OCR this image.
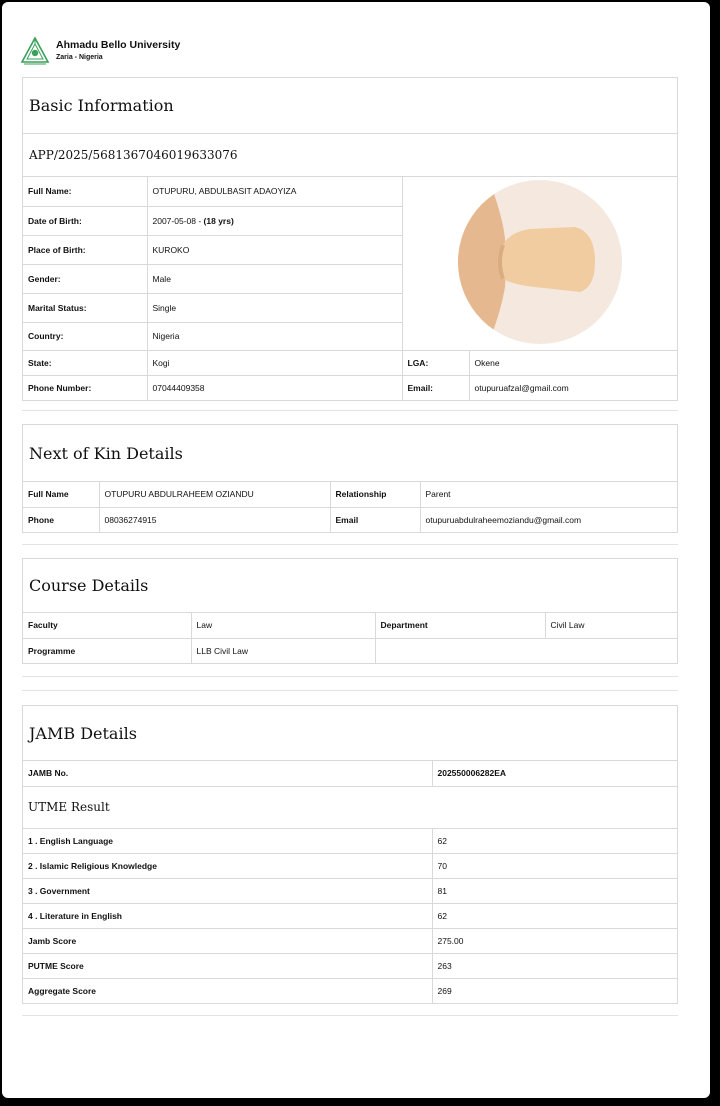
Ahmadu Bello University
Zaria - Nigeria
Basic Information
APP/2025/5681367046019633076
Full Name:	OTUPURU, ABDULBASIT ADAOYIZA	
Date of Birth:	2007-05-08 - (18 yrs)		
Place of Birth:	KUROKO		
Gender:	Male		
Marital Status:	Single		
Country:	Nigeria		
State:	Kogi	LGA:	Okene
Phone Number:	07044409358	Email:	otupuruafzal@gmail.com
Next of Kin Details
Full Name	OTUPURU ABDULRAHEEM OZIANDU	Relationship	Parent
Phone	08036274915	Email	otupuruabdulraheemoziandu@gmail.com
Course Details
Faculty	Law	Department	Civil Law
Programme	LLB Civil Law		
JAMB Details
JAMB No.	202550006282EA
UTME Result	
1 . English Language	62
2 . Islamic Religious Knowledge	70
3 . Government	81
4 . Literature in English	62
Jamb Score	275.00
PUTME Score	263
Aggregate Score	269
